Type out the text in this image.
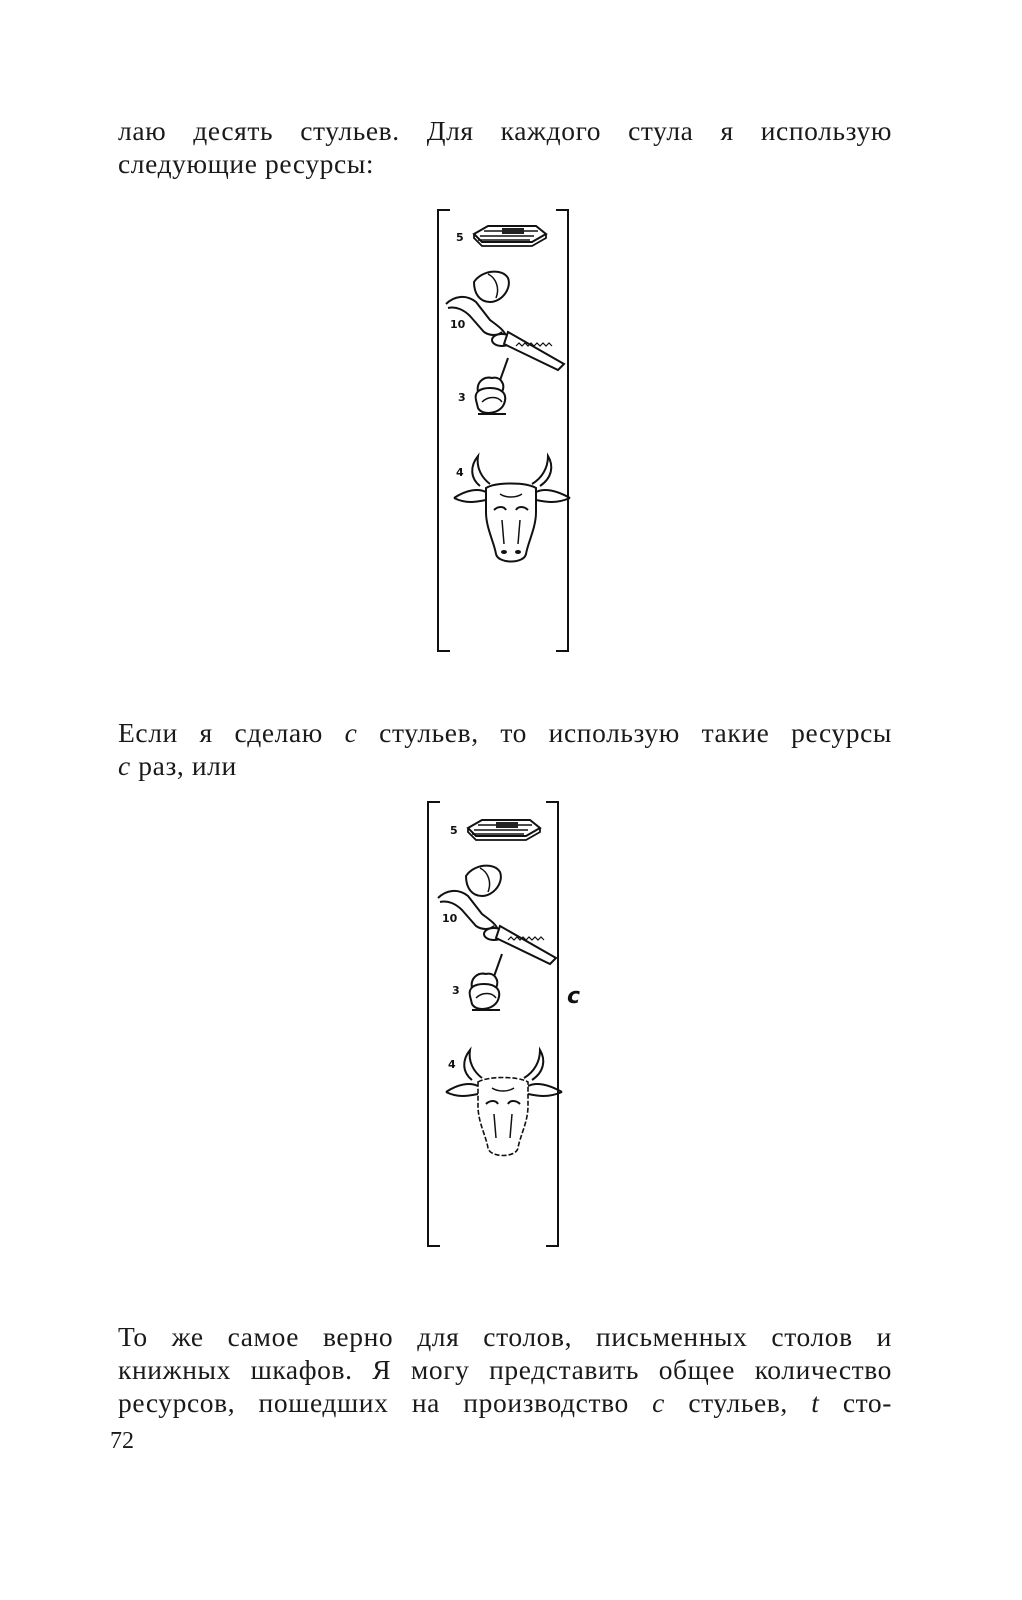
лаю десять стульев. Для каждого стула я использую
следующие ресурсы:
5
10
3
4
Если я сделаю c стульев, то использую такие ресурсы
c раз, или
5
10
3
4
c
То же самое верно для столов, письменных столов и
книжных шкафов. Я могу представить общее количество
ресурсов, пошедших на производство c стульев, t сто-
72
